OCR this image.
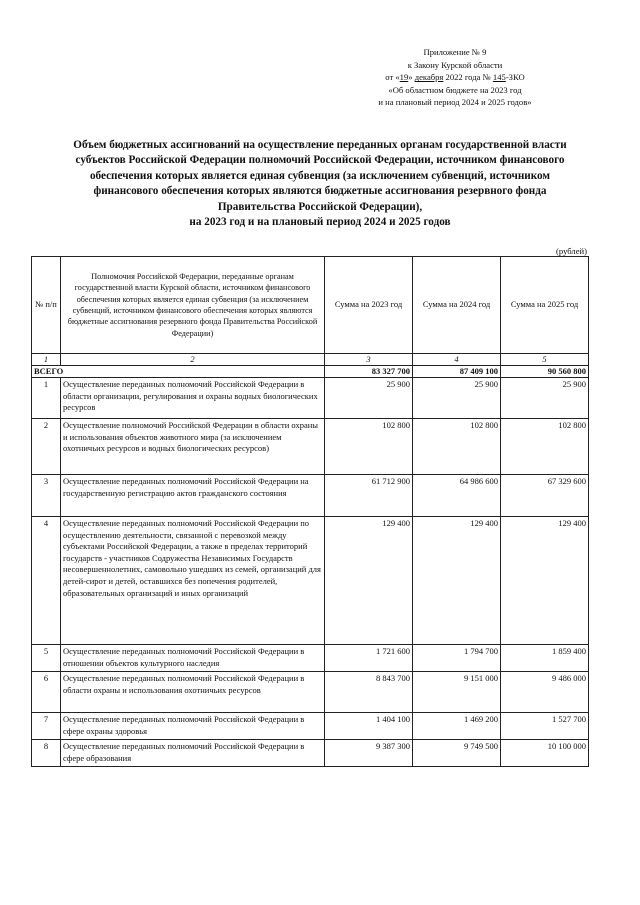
Приложение № 9
к Закону Курской области
от «19» декабря 2022 года № 145-ЗКО
«Об областном бюджете на 2023 год
и на плановый период 2024 и 2025 годов»
Объем бюджетных ассигнований на осуществление переданных органам государственной власти
субъектов Российской Федерации полномочий Российской Федерации, источником финансового
обеспечения которых является единая субвенция (за исключением субвенций, источником
финансового обеспечения которых являются бюджетные ассигнования резервного фонда
Правительства Российской Федерации),
на 2023 год и на плановый период 2024 и 2025 годов
(рублей)
№ п/п	Полномочия Российской Федерации, переданные органам государственной власти Курской области, источником финансового обеспечения которых является единая субвенция (за исключением субвенций, источником финансового обеспечения которых являются бюджетные ассигнования резервного фонда Правительства Российской Федерации)	Сумма на 2023 год	Сумма на 2024 год	Сумма на 2025 год
1	2	3	4	5
ВСЕГО		83 327 700	87 409 100	90 560 800
1	Осуществление переданных полномочий Российской Федерации в области организации, регулирования и охраны водных биологических ресурсов	25 900	25 900	25 900
2	Осуществление полномочий Российской Федерации в области охраны и использования объектов животного мира (за исключением охотничьих ресурсов и водных биологических ресурсов)	102 800	102 800	102 800
3	Осуществление переданных полномочий Российской Федерации на государственную регистрацию актов гражданского состояния	61 712 900	64 986 600	67 329 600
4	Осуществление переданных полномочий Российской Федерации по осуществлению деятельности, связанной с перевозкой между субъектами Российской Федерации, а также в пределах территорий государств - участников Содружества Независимых Государств несовершеннолетних, самовольно ушедших из семей, организаций для детей-сирот и детей, оставшихся без попечения родителей, образовательных организаций и иных организаций	129 400	129 400	129 400
5	Осуществление переданных полномочий Российской Федерации в отношении объектов культурного наследия	1 721 600	1 794 700	1 859 400
6	Осуществление переданных полномочий Российской Федерации в области охраны и использования охотничьих ресурсов	8 843 700	9 151 000	9 486 000
7	Осуществление переданных полномочий Российской Федерации в сфере охраны здоровья	1 404 100	1 469 200	1 527 700
8	Осуществление переданных полномочий Российской Федерации в сфере образования	9 387 300	9 749 500	10 100 000
